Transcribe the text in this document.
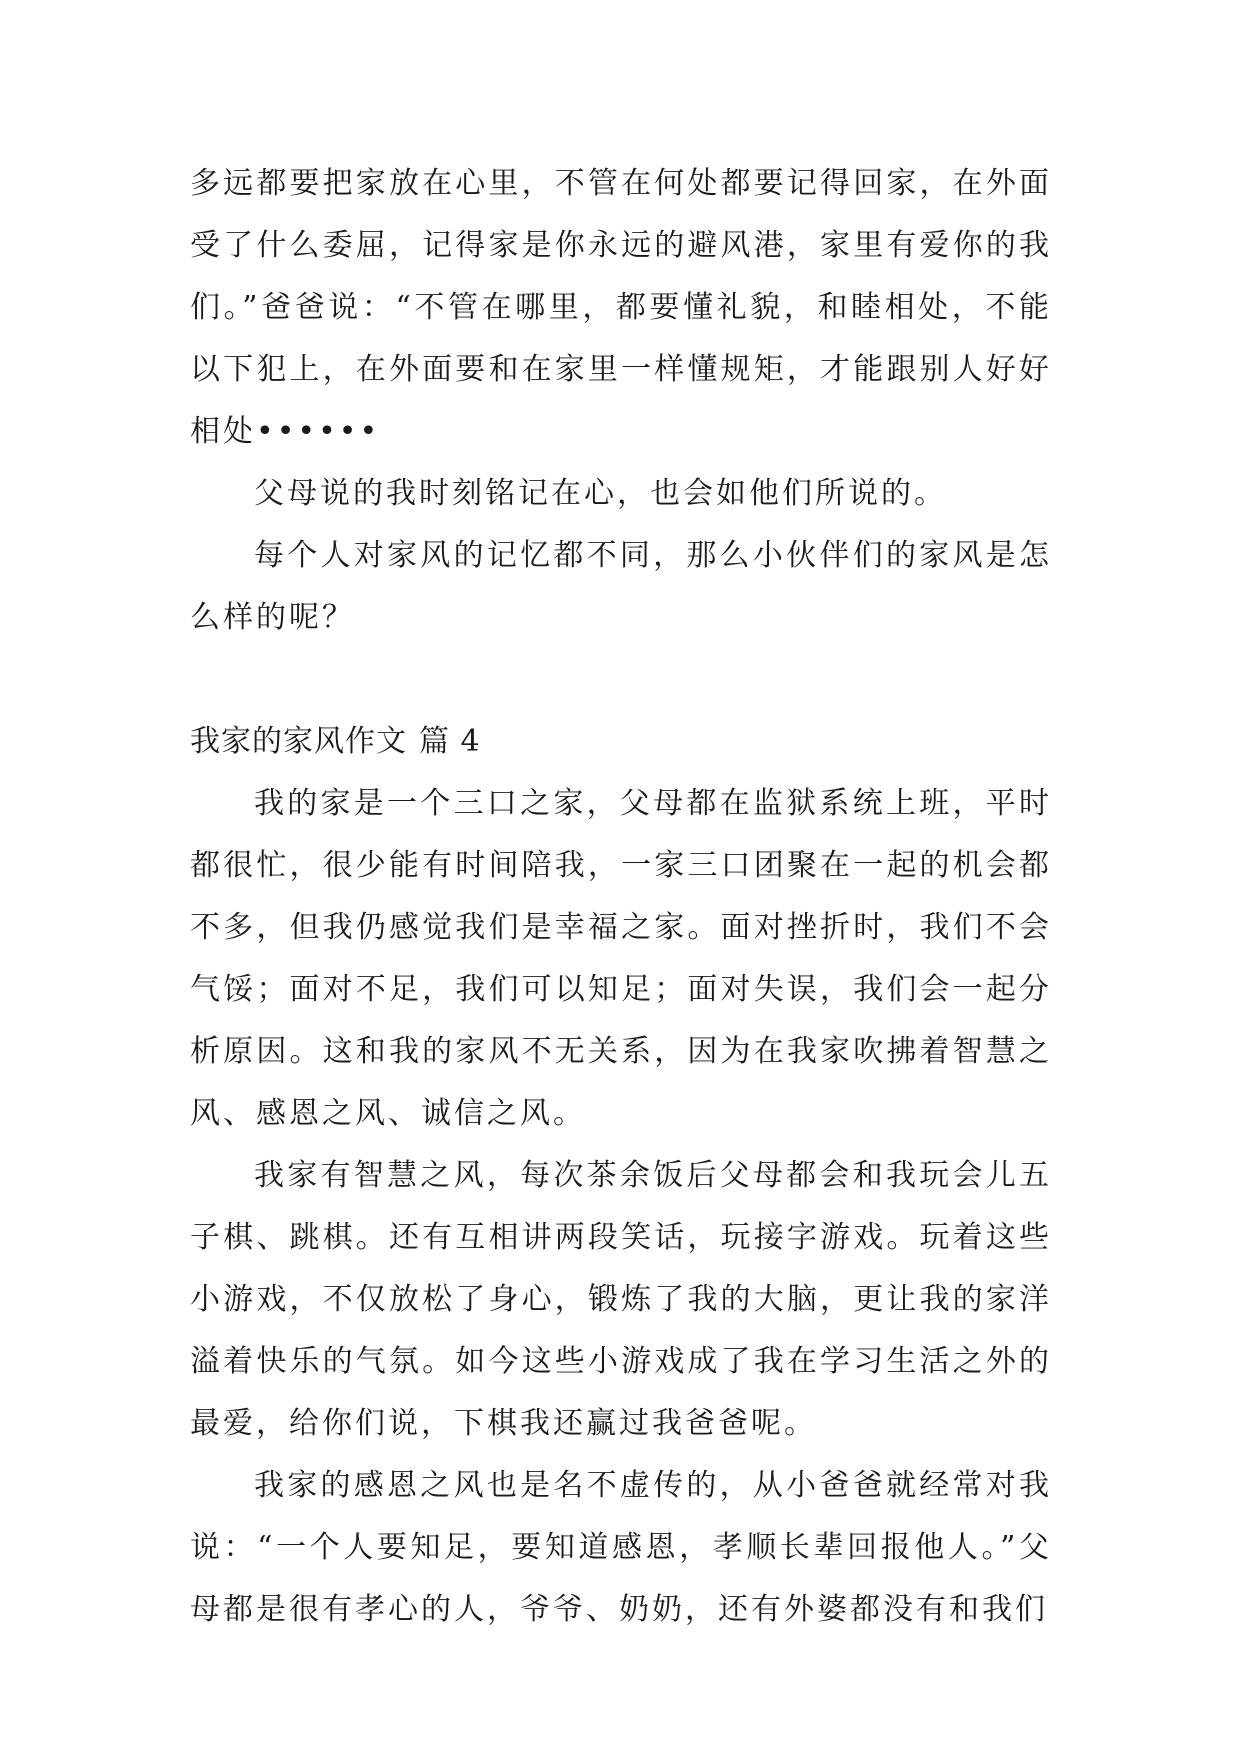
多远都要把家放在心里，不管在何处都要记得回家，在外面受了什么委屈，记得家是你永远的避风港，家里有爱你的我们。”爸爸说：“不管在哪里，都要懂礼貌，和睦相处，不能以下犯上，在外面要和在家里一样懂规矩，才能跟别人好好相处••••••

父母说的我时刻铭记在心，也会如他们所说的。

每个人对家风的记忆都不同，那么小伙伴们的家风是怎么样的呢？

我家的家风作文 篇 4

我的家是一个三口之家，父母都在监狱系统上班，平时都很忙，很少能有时间陪我，一家三口团聚在一起的机会都不多，但我仍感觉我们是幸福之家。面对挫折时，我们不会气馁；面对不足，我们可以知足；面对失误，我们会一起分析原因。这和我的家风不无关系，因为在我家吹拂着智慧之风、感恩之风、诚信之风。

我家有智慧之风，每次茶余饭后父母都会和我玩会儿五子棋、跳棋。还有互相讲两段笑话，玩接字游戏。玩着这些小游戏，不仅放松了身心，锻炼了我的大脑，更让我的家洋溢着快乐的气氛。如今这些小游戏成了我在学习生活之外的最爱，给你们说，下棋我还赢过我爸爸呢。

我家的感恩之风也是名不虚传的，从小爸爸就经常对我说：“一个人要知足，要知道感恩，孝顺长辈回报他人。”父母都是很有孝心的人，爷爷、奶奶，还有外婆都没有和我们
